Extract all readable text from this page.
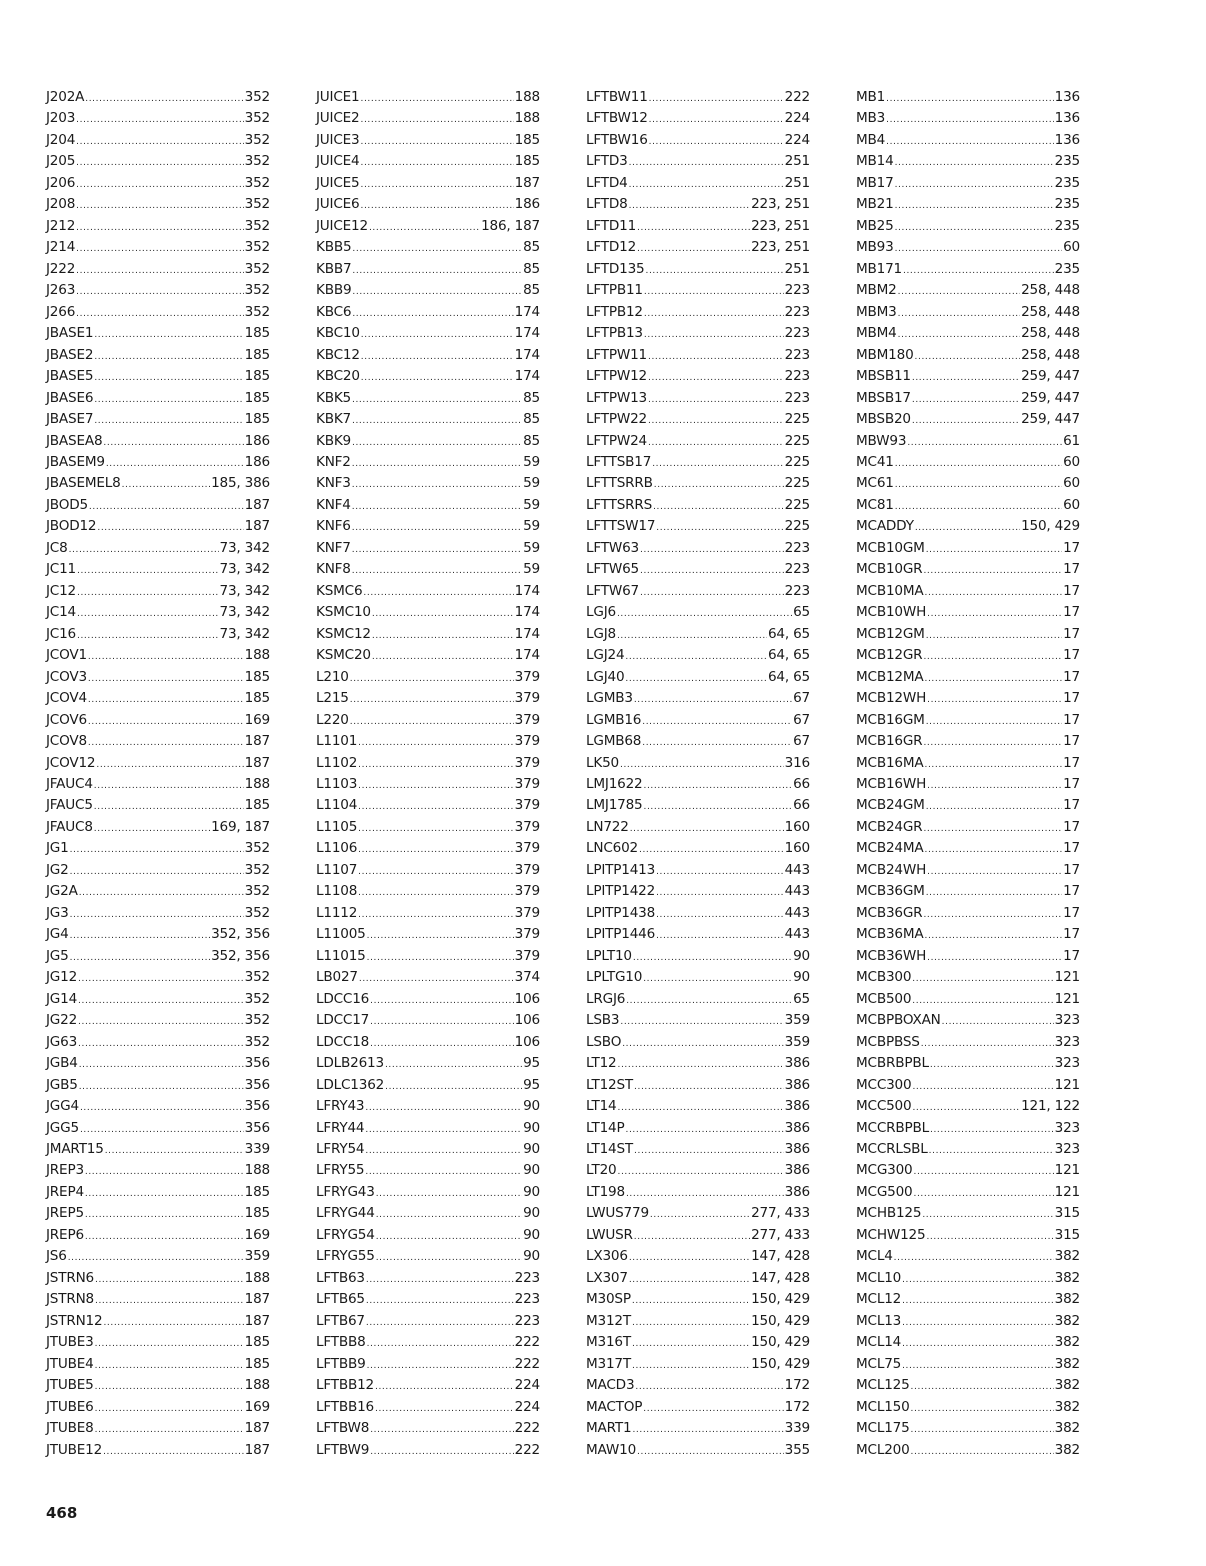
J202A .....	352
J203 .....	352
J204 .....	352
J205 .....	352
J206 .....	352
J208 .....	352
J212 .....	352
J214 .....	352
J222 .....	352
J263 .....	352
J266 .....	352
JBASE1 .....	185
JBASE2 .....	185
JBASE5 .....	185
JBASE6 .....	185
JBASE7 .....	185
JBASEA8 .....	186
JBASEM9 .....	186
JBASEMEL8 .....	185, 386
JBOD5 .....	187
JBOD12 .....	187
JC8 .....	73, 342
JC11 .....	73, 342
JC12 .....	73, 342
JC14 .....	73, 342
JC16 .....	73, 342
JCOV1 .....	188
JCOV3 .....	185
JCOV4 .....	185
JCOV6 .....	169
JCOV8 .....	187
JCOV12 .....	187
JFAUC4 .....	188
JFAUC5 .....	185
JFAUC8 .....	169, 187
JG1 .....	352
JG2 .....	352
JG2A .....	352
JG3 .....	352
JG4 .....	352, 356
JG5 .....	352, 356
JG12 .....	352
JG14 .....	352
JG22 .....	352
JG63 .....	352
JGB4 .....	356
JGB5 .....	356
JGG4 .....	356
JGG5 .....	356
JMART15 .....	339
JREP3 .....	188
JREP4 .....	185
JREP5 .....	185
JREP6 .....	169
JS6 .....	359
JSTRN6 .....	188
JSTRN8 .....	187
JSTRN12 .....	187
JTUBE3 .....	185
JTUBE4 .....	185
JTUBE5 .....	188
JTUBE6 .....	169
JTUBE8 .....	187
JTUBE12 .....	187
JUICE1 .....	188
JUICE2 .....	188
JUICE3 .....	185
JUICE4 .....	185
JUICE5 .....	187
JUICE6 .....	186
JUICE12 .....	186, 187
KBB5 .....	85
KBB7 .....	85
KBB9 .....	85
KBC6 .....	174
KBC10 .....	174
KBC12 .....	174
KBC20 .....	174
KBK5 .....	85
KBK7 .....	85
KBK9 .....	85
KNF2 .....	59
KNF3 .....	59
KNF4 .....	59
KNF6 .....	59
KNF7 .....	59
KNF8 .....	59
KSMC6 .....	174
KSMC10 .....	174
KSMC12 .....	174
KSMC20 .....	174
L210 .....	379
L215 .....	379
L220 .....	379
L1101 .....	379
L1102 .....	379
L1103 .....	379
L1104 .....	379
L1105 .....	379
L1106 .....	379
L1107 .....	379
L1108 .....	379
L1112 .....	379
L11005 .....	379
L11015 .....	379
LB027 .....	374
LDCC16 .....	106
LDCC17 .....	106
LDCC18 .....	106
LDLB2613 .....	95
LDLC1362 .....	95
LFRY43 .....	90
LFRY44 .....	90
LFRY54 .....	90
LFRY55 .....	90
LFRYG43 .....	90
LFRYG44 .....	90
LFRYG54 .....	90
LFRYG55 .....	90
LFTB63 .....	223
LFTB65 .....	223
LFTB67 .....	223
LFTBB8 .....	222
LFTBB9 .....	222
LFTBB12 .....	224
LFTBB16 .....	224
LFTBW8 .....	222
LFTBW9 .....	222
LFTBW11 .....	222
LFTBW12 .....	224
LFTBW16 .....	224
LFTD3 .....	251
LFTD4 .....	251
LFTD8 .....	223, 251
LFTD11 .....	223, 251
LFTD12 .....	223, 251
LFTD135 .....	251
LFTPB11 .....	223
LFTPB12 .....	223
LFTPB13 .....	223
LFTPW11 .....	223
LFTPW12 .....	223
LFTPW13 .....	223
LFTPW22 .....	225
LFTPW24 .....	225
LFTTSB17 .....	225
LFTTSRRB .....	225
LFTTSRRS .....	225
LFTTSW17 .....	225
LFTW63 .....	223
LFTW65 .....	223
LFTW67 .....	223
LGJ6 .....	65
LGJ8 .....	64, 65
LGJ24 .....	64, 65
LGJ40 .....	64, 65
LGMB3 .....	67
LGMB16 .....	67
LGMB68 .....	67
LK50 .....	316
LMJ1622 .....	66
LMJ1785 .....	66
LN722 .....	160
LNC602 .....	160
LPITP1413 .....	443
LPITP1422 .....	443
LPITP1438 .....	443
LPITP1446 .....	443
LPLT10 .....	90
LPLTG10 .....	90
LRGJ6 .....	65
LSB3 .....	359
LSBO .....	359
LT12 .....	386
LT12ST .....	386
LT14 .....	386
LT14P .....	386
LT14ST .....	386
LT20 .....	386
LT198 .....	386
LWUS779 .....	277, 433
LWUSR .....	277, 433
LX306 .....	147, 428
LX307 .....	147, 428
M30SP .....	150, 429
M312T .....	150, 429
M316T .....	150, 429
M317T .....	150, 429
MACD3 .....	172
MACTOP .....	172
MART1 .....	339
MAW10 .....	355
MB1 .....	136
MB3 .....	136
MB4 .....	136
MB14 .....	235
MB17 .....	235
MB21 .....	235
MB25 .....	235
MB93 .....	60
MB171 .....	235
MBM2 .....	258, 448
MBM3 .....	258, 448
MBM4 .....	258, 448
MBM180 .....	258, 448
MBSB11 .....	259, 447
MBSB17 .....	259, 447
MBSB20 .....	259, 447
MBW93 .....	61
MC41 .....	60
MC61 .....	60
MC81 .....	60
MCADDY .....	150, 429
MCB10GM .....	17
MCB10GR .....	17
MCB10MA .....	17
MCB10WH .....	17
MCB12GM .....	17
MCB12GR .....	17
MCB12MA .....	17
MCB12WH .....	17
MCB16GM .....	17
MCB16GR .....	17
MCB16MA .....	17
MCB16WH .....	17
MCB24GM .....	17
MCB24GR .....	17
MCB24MA .....	17
MCB24WH .....	17
MCB36GM .....	17
MCB36GR .....	17
MCB36MA .....	17
MCB36WH .....	17
MCB300 .....	121
MCB500 .....	121
MCBPBOXAN .....	323
MCBPBSS .....	323
MCBRBPBL .....	323
MCC300 .....	121
MCC500 .....	121, 122
MCCRBPBL .....	323
MCCRLSBL .....	323
MCG300 .....	121
MCG500 .....	121
MCHB125 .....	315
MCHW125 .....	315
MCL4 .....	382
MCL10 .....	382
MCL12 .....	382
MCL13 .....	382
MCL14 .....	382
MCL75 .....	382
MCL125 .....	382
MCL150 .....	382
MCL175 .....	382
MCL200 .....	382
468
